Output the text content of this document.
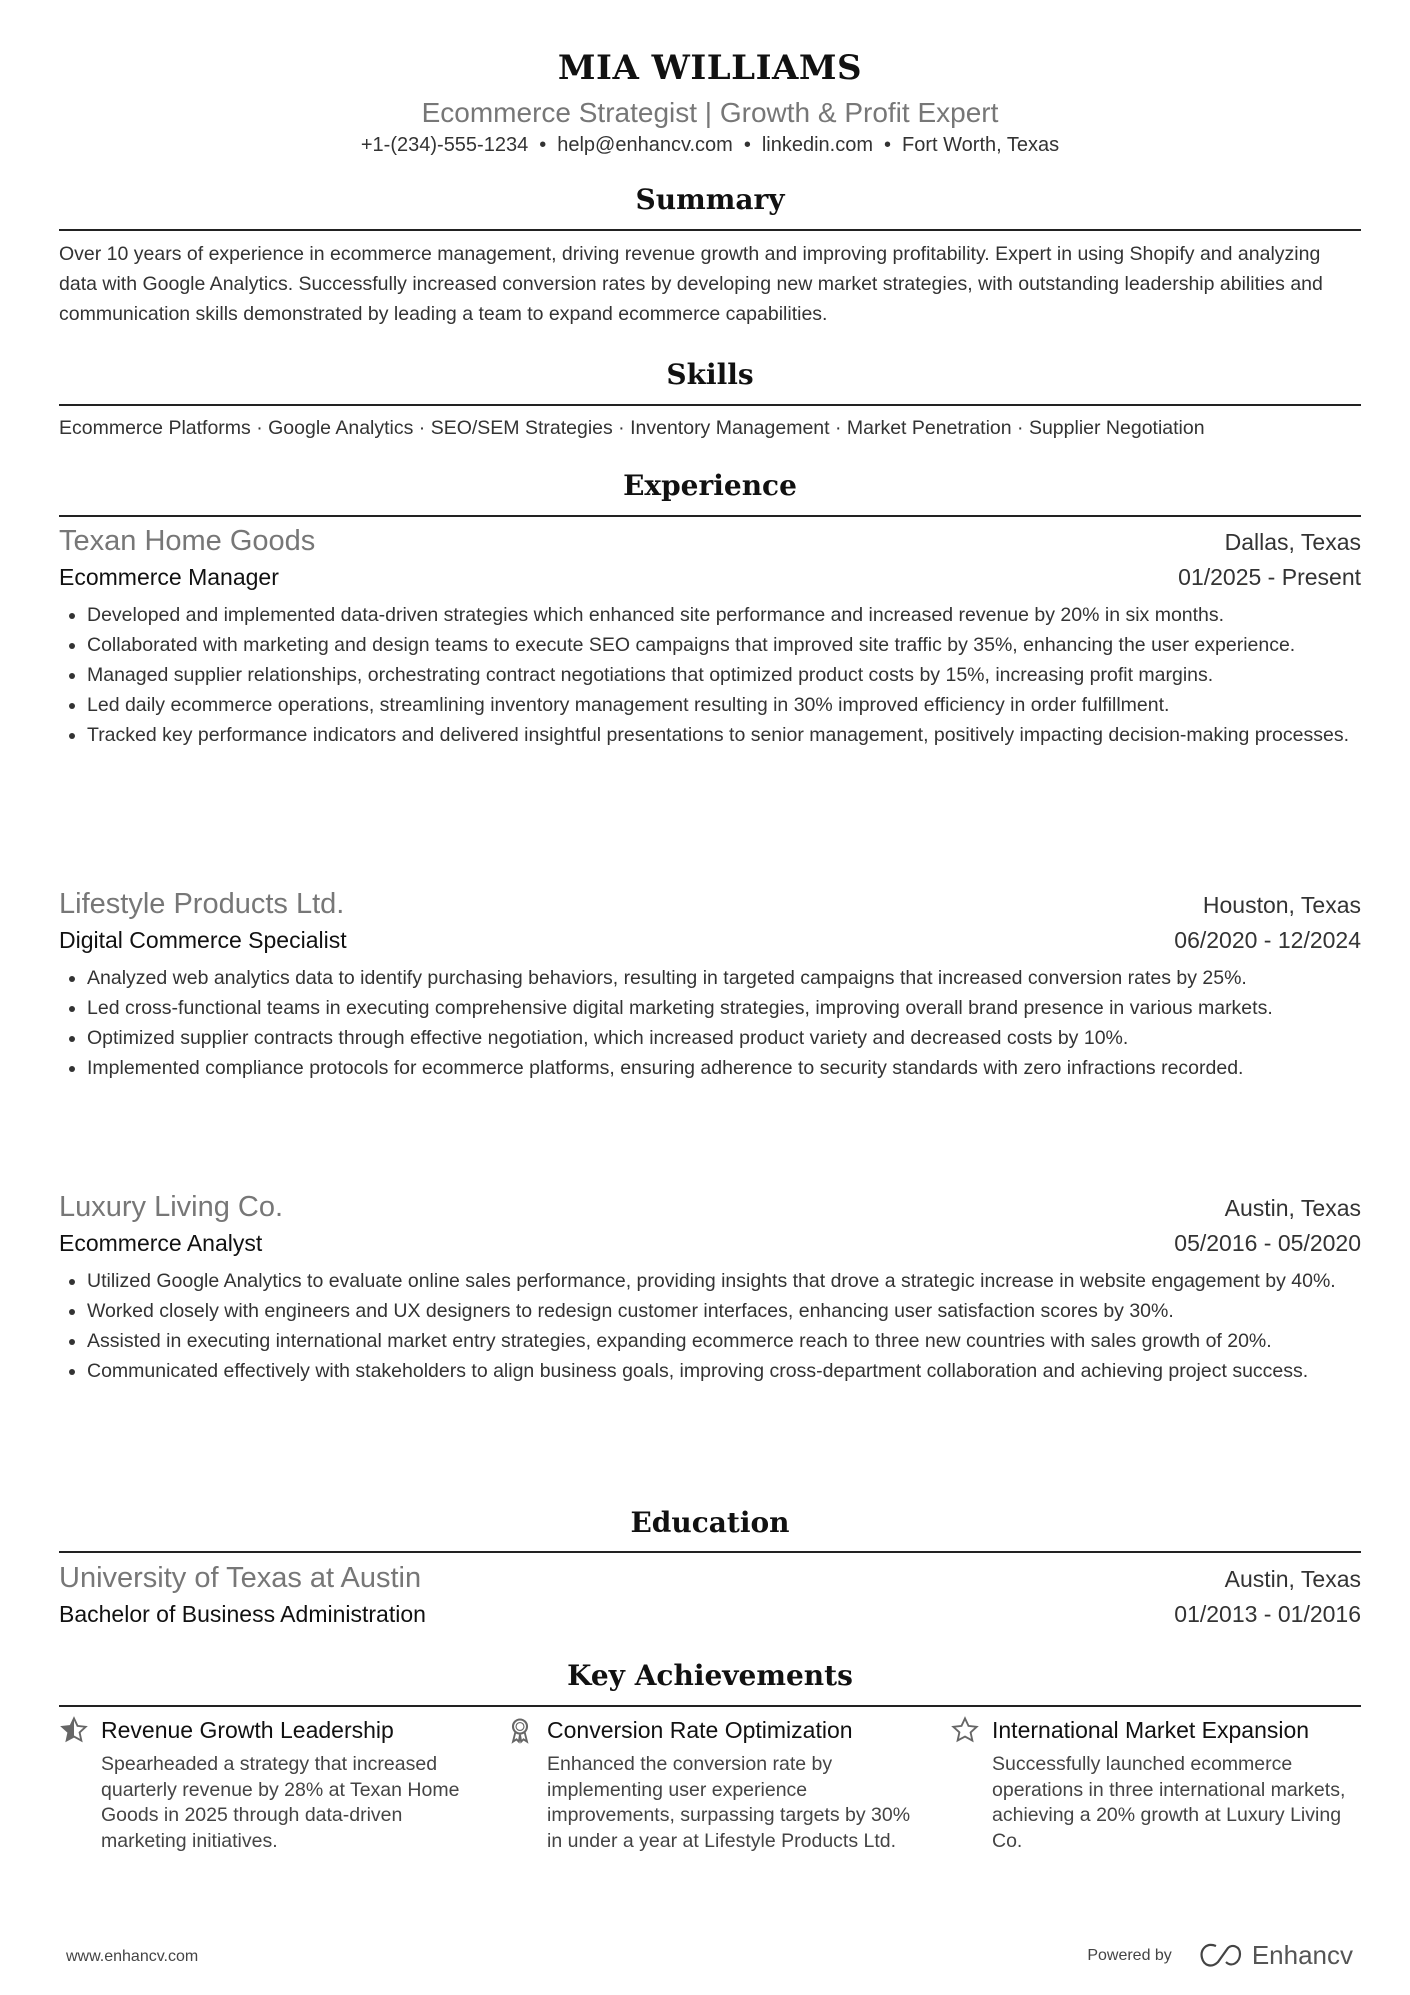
MIA WILLIAMS
Ecommerce Strategist | Growth & Profit Expert
+1-(234)-555-1234 • help@enhancv.com • linkedin.com • Fort Worth, Texas
Summary
Over 10 years of experience in ecommerce management, driving revenue growth and improving profitability. Expert in using Shopify and analyzing data with Google Analytics. Successfully increased conversion rates by developing new market strategies, with outstanding leadership abilities and communication skills demonstrated by leading a team to expand ecommerce capabilities.
Skills
Ecommerce Platforms · Google Analytics · SEO/SEM Strategies · Inventory Management · Market Penetration · Supplier Negotiation
Experience
Texan Home Goods	Dallas, Texas
Ecommerce Manager	01/2025 - Present
• Developed and implemented data-driven strategies which enhanced site performance and increased revenue by 20% in six months.
• Collaborated with marketing and design teams to execute SEO campaigns that improved site traffic by 35%, enhancing the user experience.
• Managed supplier relationships, orchestrating contract negotiations that optimized product costs by 15%, increasing profit margins.
• Led daily ecommerce operations, streamlining inventory management resulting in 30% improved efficiency in order fulfillment.
• Tracked key performance indicators and delivered insightful presentations to senior management, positively impacting decision-making processes.
Lifestyle Products Ltd.	Houston, Texas
Digital Commerce Specialist	06/2020 - 12/2024
• Analyzed web analytics data to identify purchasing behaviors, resulting in targeted campaigns that increased conversion rates by 25%.
• Led cross-functional teams in executing comprehensive digital marketing strategies, improving overall brand presence in various markets.
• Optimized supplier contracts through effective negotiation, which increased product variety and decreased costs by 10%.
• Implemented compliance protocols for ecommerce platforms, ensuring adherence to security standards with zero infractions recorded.
Luxury Living Co.	Austin, Texas
Ecommerce Analyst	05/2016 - 05/2020
• Utilized Google Analytics to evaluate online sales performance, providing insights that drove a strategic increase in website engagement by 40%.
• Worked closely with engineers and UX designers to redesign customer interfaces, enhancing user satisfaction scores by 30%.
• Assisted in executing international market entry strategies, expanding ecommerce reach to three new countries with sales growth of 20%.
• Communicated effectively with stakeholders to align business goals, improving cross-department collaboration and achieving project success.
Education
University of Texas at Austin	Austin, Texas
Bachelor of Business Administration	01/2013 - 01/2016
Key Achievements
Revenue Growth Leadership
Spearheaded a strategy that increased quarterly revenue by 28% at Texan Home Goods in 2025 through data-driven marketing initiatives.
Conversion Rate Optimization
Enhanced the conversion rate by implementing user experience improvements, surpassing targets by 30% in under a year at Lifestyle Products Ltd.
International Market Expansion
Successfully launched ecommerce operations in three international markets, achieving a 20% growth at Luxury Living Co.
www.enhancv.com	Powered by	Enhancv
